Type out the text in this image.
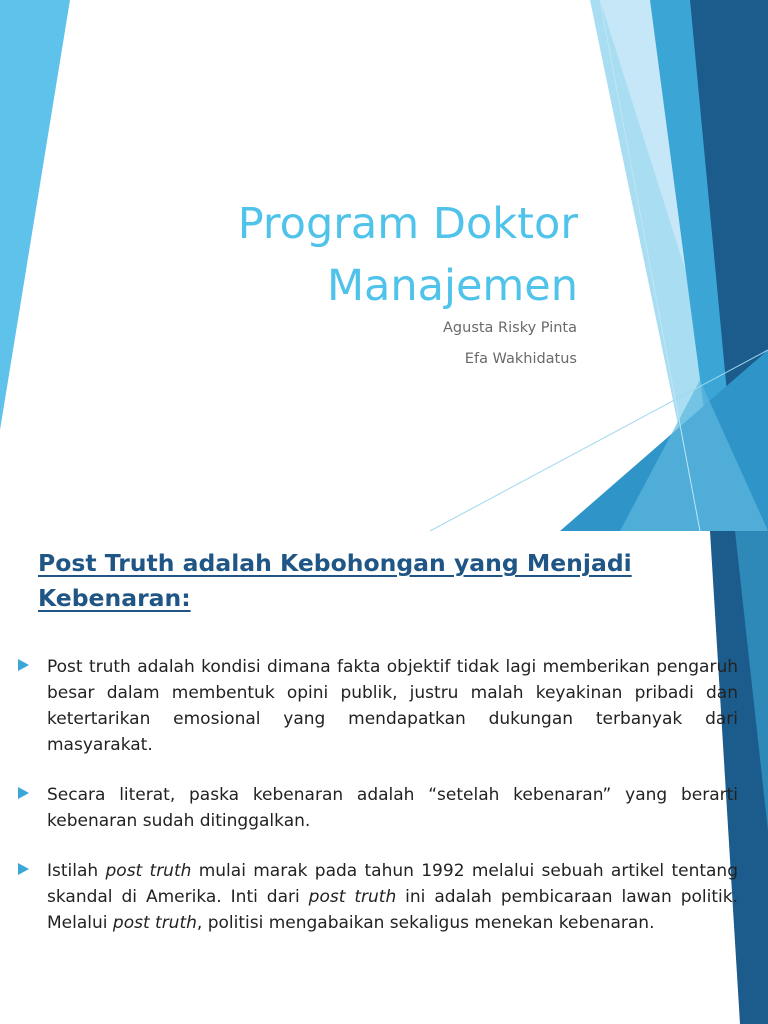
Program Doktor
Manajemen
Agusta Risky Pinta
Efa Wakhidatus
Post Truth adalah Kebohongan yang Menjadi
Kebenaran:

Post truth adalah kondisi dimana fakta objektif tidak lagi memberikan pengaruh besar dalam membentuk opini publik, justru malah keyakinan pribadi dan ketertarikan emosional yang mendapatkan dukungan terbanyak dari masyarakat.

Secara literat, paska kebenaran adalah “setelah kebenaran” yang berarti kebenaran sudah ditinggalkan.

Istilah post truth mulai marak pada tahun 1992 melalui sebuah artikel tentang skandal di Amerika. Inti dari post truth ini adalah pembicaraan lawan politik. Melalui post truth, politisi mengabaikan sekaligus menekan kebenaran.
